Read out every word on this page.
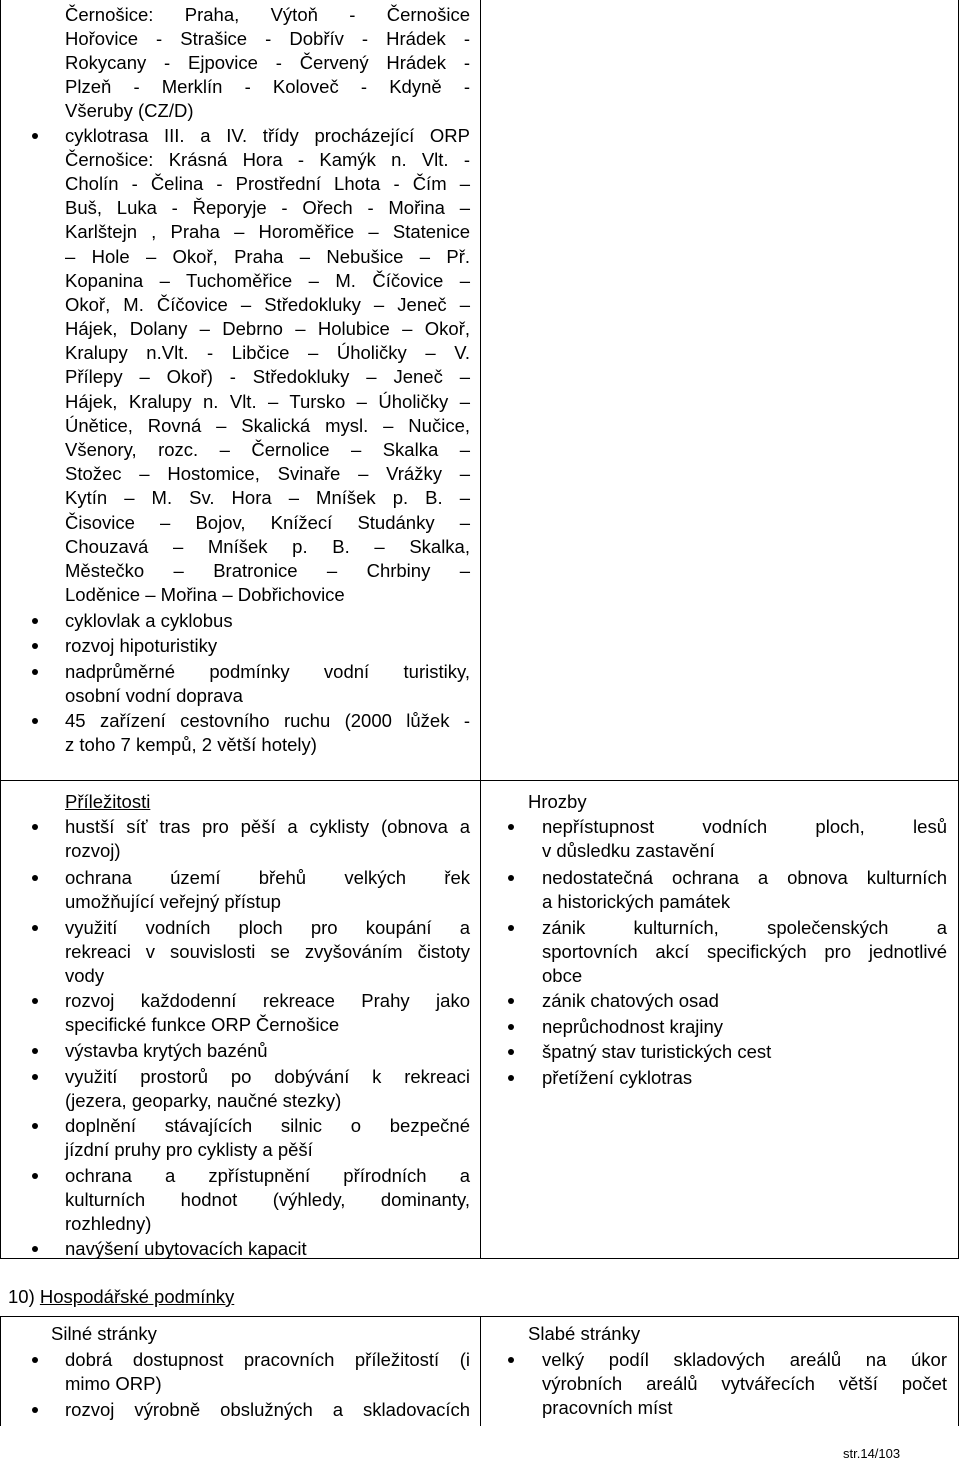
Černošice: Praha, Výtoň - Černošice
Hořovice - Strašice - Dobřív - Hrádek -
Rokycany - Ejpovice - Červený Hrádek -
Plzeň - Merklín - Koloveč - Kdyně -
Všeruby (CZ/D)
cyklotrasa III. a IV. třídy procházející ORP
Černošice: Krásná Hora - Kamýk n. Vlt. -
Cholín - Čelina - Prostřední Lhota - Čím –
Buš, Luka - Řeporyje - Ořech - Mořina –
Karlštejn , Praha – Horoměřice – Statenice
– Hole – Okoř, Praha – Nebušice – Př.
Kopanina – Tuchoměřice – M. Číčovice –
Okoř, M. Číčovice – Středokluky – Jeneč –
Hájek, Dolany – Debrno – Holubice – Okoř,
Kralupy n.Vlt. - Libčice – Úholičky – V.
Přílepy – Okoř) - Středokluky – Jeneč –
Hájek, Kralupy n. Vlt. – Tursko – Úholičky –
Únětice, Rovná – Skalická mysl. – Nučice,
Všenory, rozc. – Černolice – Skalka –
Stožec – Hostomice, Svinaře – Vrážky –
Kytín – M. Sv. Hora – Mníšek p. B. –
Čisovice – Bojov, Knížecí Studánky –
Chouzavá – Mníšek p. B. – Skalka,
Městečko – Bratronice – Chrbiny –
Loděnice – Mořina – Dobřichovice
cyklovlak a cyklobus
rozvoj hipoturistiky
nadprůměrné podmínky vodní turistiky,
osobní vodní doprava
45 zařízení cestovního ruchu (2000 lůžek -
z toho 7 kempů, 2 větší hotely)
Příležitosti
hustší síť tras pro pěší a cyklisty (obnova a
rozvoj)
ochrana území břehů velkých řek
umožňující veřejný přístup
využití vodních ploch pro koupání a
rekreaci v souvislosti se zvyšováním čistoty
vody
rozvoj každodenní rekreace Prahy jako
specifické funkce ORP Černošice
výstavba krytých bazénů
využití prostorů po dobývání k rekreaci
(jezera, geoparky, naučné stezky)
doplnění stávajících silnic o bezpečné
jízdní pruhy pro cyklisty a pěší
ochrana a zpřístupnění přírodních a
kulturních hodnot (výhledy, dominanty,
rozhledny)
navýšení ubytovacích kapacit
Hrozby
nepřístupnost vodních ploch, lesů
v důsledku zastavění
nedostatečná ochrana a obnova kulturních
a historických památek
zánik kulturních, společenských a
sportovních akcí specifických pro jednotlivé
obce
zánik chatových osad
neprůchodnost krajiny
špatný stav turistických cest
přetížení cyklotras
10) Hospodářské podmínky
Silné stránky
dobrá dostupnost pracovních příležitostí (i
mimo ORP)
rozvoj výrobně obslužných a skladovacích
Slabé stránky
velký podíl skladových areálů na úkor
výrobních areálů vytvářecích větší počet
pracovních míst
str.14/103
